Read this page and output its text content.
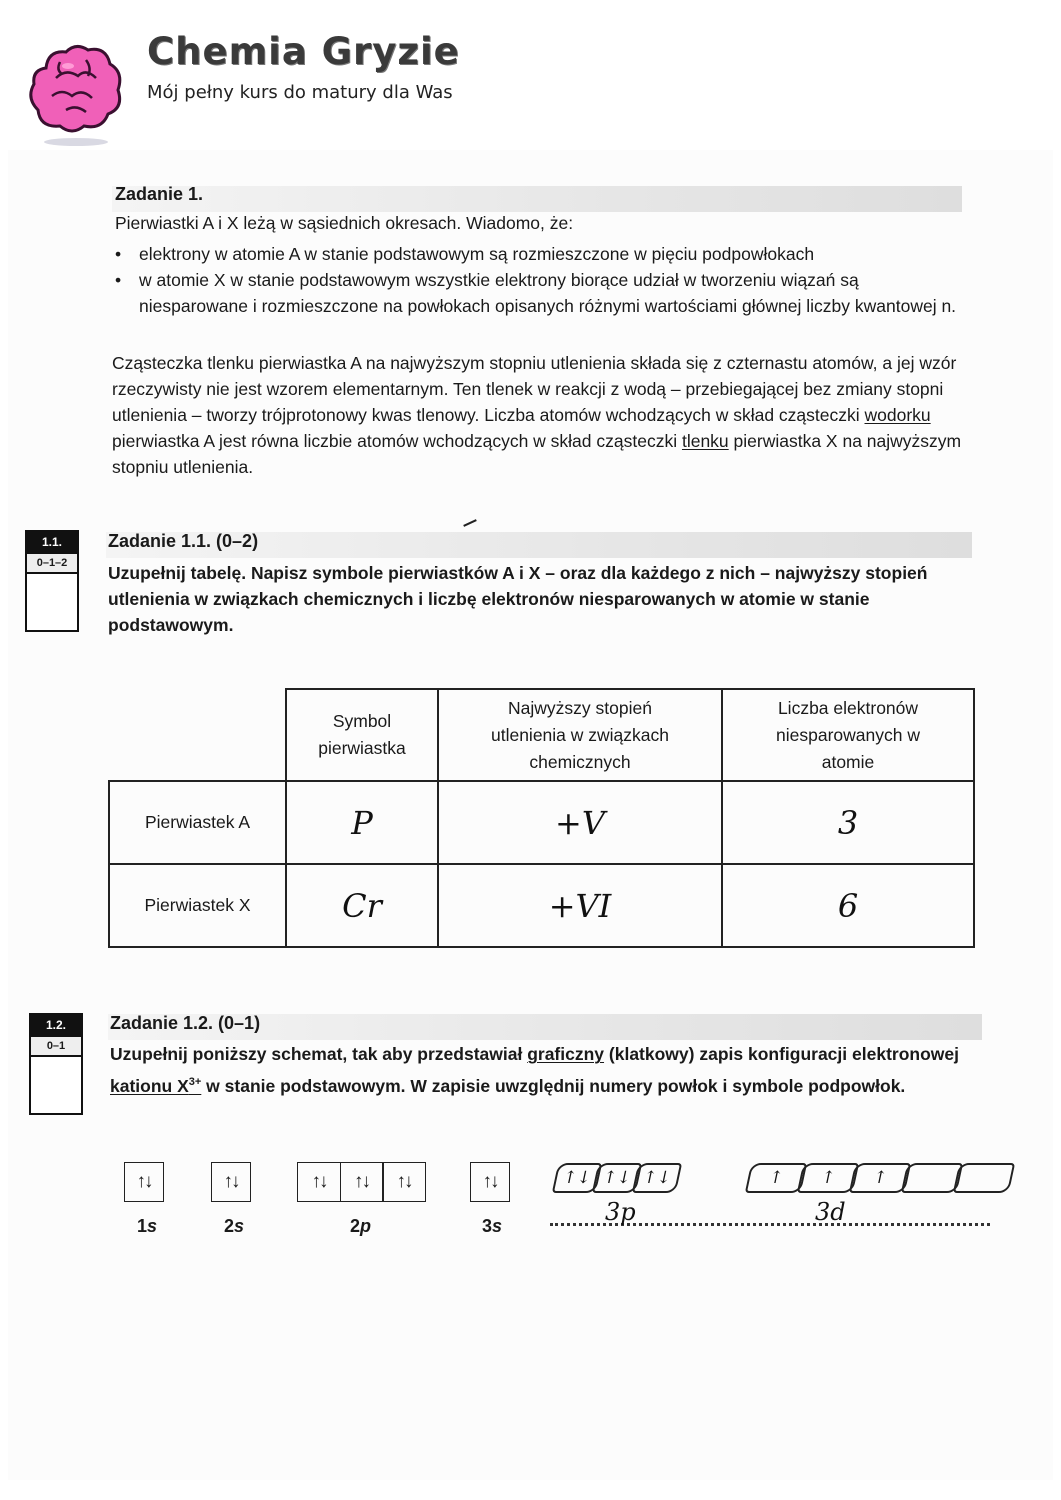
Chemia Gryzie
Mój pełny kurs do matury dla Was
Zadanie 1.
Pierwiastki A i X leżą w sąsiednich okresach. Wiadomo, że:
• elektrony w atomie A w stanie podstawowym są rozmieszczone w pięciu podpowłokach
• w atomie X w stanie podstawowym wszystkie elektrony biorące udział w tworzeniu wiązań są niesparowane i rozmieszczone na powłokach opisanych różnymi wartościami głównej liczby kwantowej n.
Cząsteczka tlenku pierwiastka A na najwyższym stopniu utlenienia składa się z czternastu atomów, a jej wzór rzeczywisty nie jest wzorem elementarnym. Ten tlenek w reakcji z wodą – przebiegającej bez zmiany stopni utlenienia – tworzy trójprotonowy kwas tlenowy. Liczba atomów wchodzących w skład cząsteczki wodorku pierwiastka A jest równa liczbie atomów wchodzących w skład cząsteczki tlenku pierwiastka X na najwyższym stopniu utlenienia.
1.1.
0–1–2
Zadanie 1.1. (0–2)
Uzupełnij tabelę. Napisz symbole pierwiastków A i X – oraz dla każdego z nich – najwyższy stopień utlenienia w związkach chemicznych i liczbę elektronów niesparowanych w atomie w stanie podstawowym.
	Symbol pierwiastka	Najwyższy stopień utlenienia w związkach chemicznych	Liczba elektronów niesparowanych w atomie
Pierwiastek A	P	+V	3
Pierwiastek X	Cr	+VI	6
1.2.
0–1
Zadanie 1.2. (0–1)
Uzupełnij poniższy schemat, tak aby przedstawiał graficzny (klatkowy) zapis konfiguracji elektronowej kationu $X^{3+}$ w stanie podstawowym. W zapisie uwzględnij numery powłok i symbole podpowłok.
↑↓
1s
↑↓
2s
↑↓	↑↓	↑↓
2p
↑↓
3s
↑↓ ↑↓ ↑↓	↑	↑	↑
3p	3d
